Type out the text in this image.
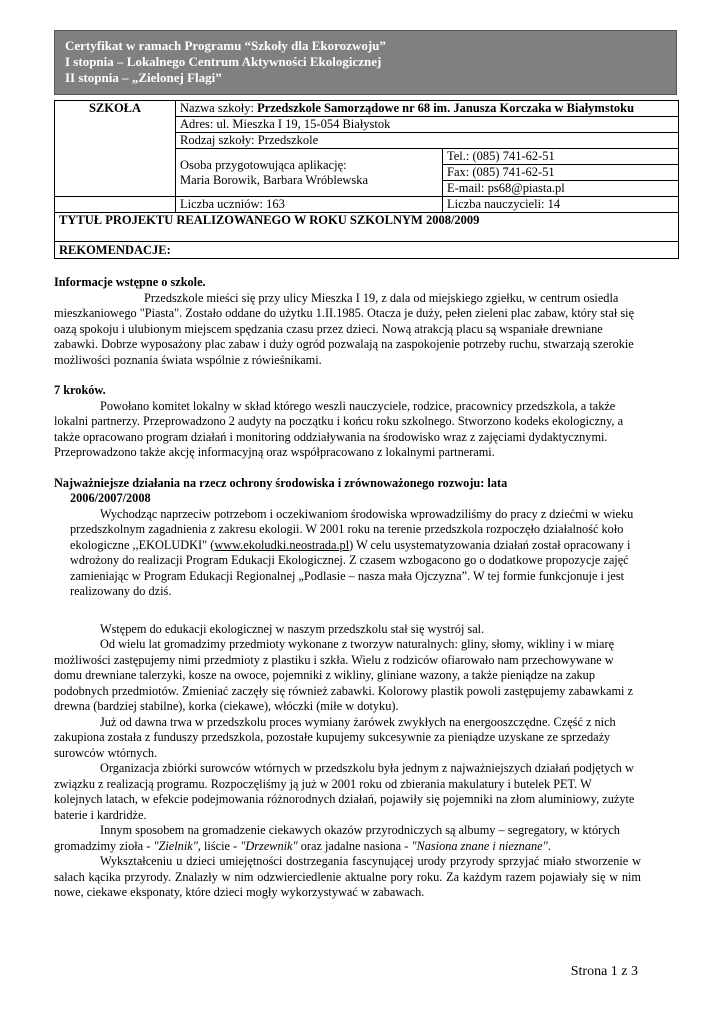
Certyfikat w ramach Programu “Szkoły dla Ekorozwoju”
I stopnia – Lokalnego Centrum Aktywności Ekologicznej
II stopnia – „Zielonej Flagi”
SZKOŁA	Nazwa szkoły: Przedszkole Samorządowe nr 68 im. Janusza Korczaka w Białymstoku	
	Adres: ul. Mieszka I 19, 15-054 Białystok	
	Rodzaj szkoły: Przedszkole	

	Osoba przygotowująca aplikację:
Maria Borowik, Barbara Wróblewska	Tel.: (085) 741-62-51
		Fax: (085) 741-62-51
		E-mail: ps68@piasta.pl
	Liczba uczniów: 163	Liczba nauczycieli: 14
TYTUŁ PROJEKTU REALIZOWANEGO W ROKU SZKOLNYM 2008/2009		
REKOMENDACJE:		

Informacje wstępne o szkole.

Przedszkole mieści się przy ulicy Mieszka I 19, z dala od miejskiego zgiełku, w centrum osiedla mieszkaniowego "Piasta". Zostało oddane do użytku 1.II.1985. Otacza je duży, pełen zieleni plac zabaw, który stał się oazą spokoju i ulubionym miejscem spędzania czasu przez dzieci. Nową atrakcją placu są wspaniałe drewniane zabawki. Dobrze wyposażony plac zabaw i duży ogród pozwalają na zaspokojenie potrzeby ruchu, stwarzają szerokie możliwości poznania świata wspólnie z rówieśnikami.

7 kroków.

Powołano komitet lokalny w skład którego weszli nauczyciele, rodzice, pracownicy przedszkola, a także lokalni partnerzy. Przeprowadzono 2 audyty na początku i końcu roku szkolnego. Stworzono kodeks ekologiczny, a także opracowano program działań i monitoring oddziaływania na środowisko wraz z zajęciami dydaktycznymi. Przeprowadzono także akcję informacyjną oraz współpracowano z lokalnymi partnerami.

Najważniejsze działania na rzecz ochrony środowiska i zrównoważonego rozwoju: lata
2006/2007/2008

Wychodząc naprzeciw potrzebom i oczekiwaniom środowiska wprowadziliśmy do pracy z dziećmi w wieku przedszkolnym zagadnienia z zakresu ekologii. W 2001 roku na terenie przedszkola rozpoczęło działalność koło ekologiczne ,,EKOLUDKI" (www.ekoludki.neostrada.pl) W celu usystematyzowania działań został opracowany i wdrożony do realizacji Program Edukacji Ekologicznej. Z czasem wzbogacono go o dodatkowe propozycje zajęć zamieniając w Program Edukacji Regionalnej „Podlasie – nasza mała Ojczyzna”. W tej formie funkcjonuje i jest realizowany do dziś.

Wstępem do edukacji ekologicznej w naszym przedszkolu stał się wystrój sal.

Od wielu lat gromadzimy przedmioty wykonane z tworzyw naturalnych: gliny, słomy, wikliny i w miarę możliwości zastępujemy nimi przedmioty z plastiku i szkła. Wielu z rodziców ofiarowało nam przechowywane w domu drewniane talerzyki, kosze na owoce, pojemniki z wikliny, gliniane wazony, a także pieniądze na zakup podobnych przedmiotów. Zmieniać zaczęły się również zabawki. Kolorowy plastik powoli zastępujemy zabawkami z drewna (bardziej stabilne), korka (ciekawe), włóczki (miłe w dotyku).

Już od dawna trwa w przedszkolu proces wymiany żarówek zwykłych na energooszczędne. Część z nich zakupiona została z funduszy przedszkola, pozostałe kupujemy sukcesywnie za pieniądze uzyskane ze sprzedaży surowców wtórnych.

Organizacja zbiórki surowców wtórnych w przedszkolu była jednym z najważniejszych działań podjętych w związku z realizacją programu. Rozpoczęliśmy ją już w 2001 roku od zbierania makulatury i butelek PET. W kolejnych latach, w efekcie podejmowania różnorodnych działań, pojawiły się pojemniki na złom aluminiowy, zużyte baterie i kardridże.

Innym sposobem na gromadzenie ciekawych okazów przyrodniczych są albumy – segregatory, w których gromadzimy zioła - "Zielnik", liście - "Drzewnik" oraz jadalne nasiona - "Nasiona znane i nieznane".

Wykształceniu u dzieci umiejętności dostrzegania fascynującej urody przyrody sprzyjać miało stworzenie w salach kącika przyrody. Znalazły w nim odzwierciedlenie aktualne pory roku. Za każdym razem pojawiały się w nim nowe, ciekawe eksponaty, które dzieci mogły wykorzystywać w zabawach.

Strona 1 z 3
